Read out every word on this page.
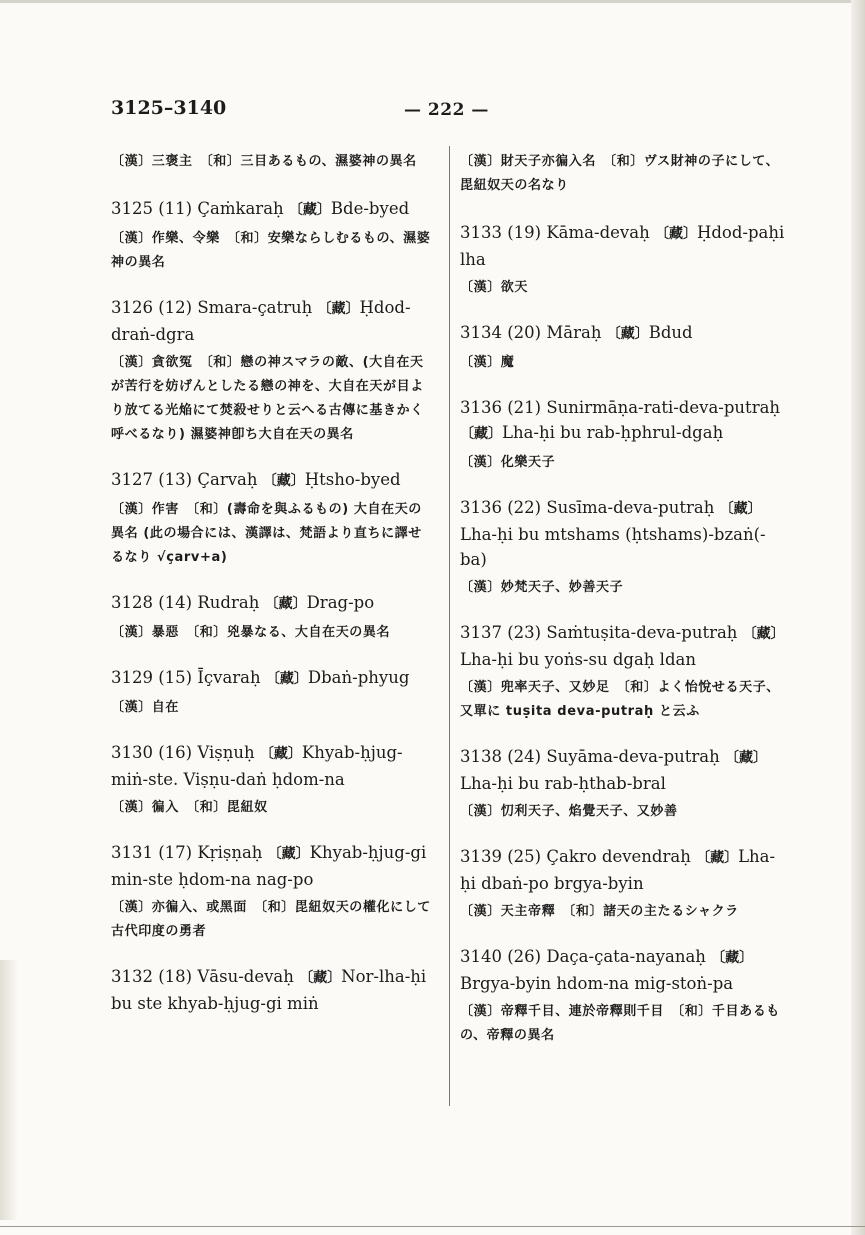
3125–3140	— 222 —

〔漢〕三褒主　〔和〕三目あるもの、濕婆神の異名

3125 (11) Çaṁkaraḥ 〔藏〕Bde-byed

〔漢〕作樂、令樂　〔和〕安樂ならしむるもの、濕婆神の異名

3126 (12) Smara-çatruḥ 〔藏〕Ḥdod-draṅ-dgra

〔漢〕貪欲冤　〔和〕戀の神スマラの敵、(大自在天が苦行を妨げんとしたる戀の神を、大自在天が目より放てる光焔にて焚殺せりと云へる古傳に基きかく呼べるなり) 濕婆神卽ち大自在天の異名

3127 (13) Çarvaḥ 〔藏〕Ḥtsho-byed

〔漢〕作害　〔和〕(壽命を與ふるもの) 大自在天の異名 (此の場合には、漢譯は、梵語より直ちに譯せるなり √çarv+a)

3128 (14) Rudraḥ 〔藏〕Drag-po

〔漢〕暴惡　〔和〕兇暴なる、大自在天の異名

3129 (15) Īçvaraḥ 〔藏〕Dbaṅ-phyug

〔漢〕自在

3130 (16) Viṣṇuḥ 〔藏〕Khyab-ḥjug-miṅ-ste. Viṣṇu-daṅ ḥdom-na

〔漢〕徧入　〔和〕毘紐奴

3131 (17) Kṛiṣṇaḥ 〔藏〕Khyab-ḥjug-gi min-ste ḥdom-na nag-po

〔漢〕亦徧入、或黑面　〔和〕毘紐奴天の權化にして古代印度の勇者

3132 (18) Vāsu-devaḥ 〔藏〕Nor-lha-ḥi bu ste khyab-ḥjug-gi miṅ

〔漢〕財天子亦徧入名　〔和〕ヴス財神の子にして、毘紐奴天の名なり

3133 (19) Kāma-devaḥ 〔藏〕Ḥdod-paḥi lha

〔漢〕欲天

3134 (20) Māraḥ 〔藏〕Bdud

〔漢〕魔

3136 (21) Sunirmāṇa-rati-deva-putraḥ 〔藏〕Lha-ḥi bu rab-ḥphrul-dgaḥ

〔漢〕化樂天子

3136 (22) Susīma-deva-putraḥ 〔藏〕Lha-ḥi bu mtshams (ḥtshams)-bzaṅ(-ba)

〔漢〕妙梵天子、妙善天子

3137 (23) Saṁtuṣita-deva-putraḥ 〔藏〕Lha-ḥi bu yoṅs-su dgaḥ ldan

〔漢〕兜率天子、又妙足　〔和〕よく怡悅せる天子、又單に tuṣita deva-putraḥ と云ふ

3138 (24) Suyāma-deva-putraḥ 〔藏〕Lha-ḥi bu rab-ḥthab-bral

〔漢〕忉利天子、焰覺天子、又妙善

3139 (25) Çakro devendraḥ 〔藏〕Lha-ḥi dbaṅ-po brgya-byin

〔漢〕天主帝釋　〔和〕諸天の主たるシャクラ

3140 (26) Daça-çata-nayanaḥ 〔藏〕Brgya-byin hdom-na mig-stoṅ-pa

〔漢〕帝釋千目、連於帝釋則千目　〔和〕千目あるもの、帝釋の異名
